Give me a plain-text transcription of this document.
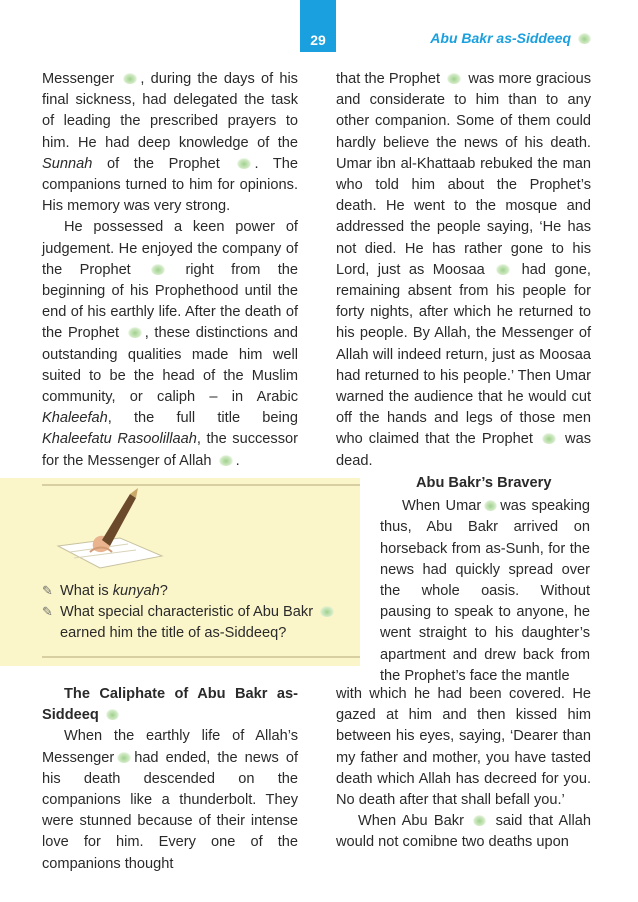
29	Abu Bakr as-Siddeeq

Messenger , during the days of his final sickness, had delegated the task of leading the prescribed prayers to him. He had deep knowledge of the Sunnah of the Prophet . The companions turned to him for opinions. His memory was very strong.

He possessed a keen power of judgement. He enjoyed the company of the Prophet	right from the beginning of his Prophethood until the end of his earthly life. After the death of the Prophet , these distinctions and outstanding qualities made him well suited to be the head of the Muslim community, or caliph – in Arabic Khaleefah, the full title being Khaleefatu Rasoolillaah, the successor for the Messenger of Allah .

✎ What is kunyah?
✎ What special characteristic of Abu Bakr
earned him the title of as-Siddeeq?

The Caliphate of Abu Bakr as-Siddeeq

When the earthly life of Allah’s Messenger had ended, the news of his death descended on the companions like a thunderbolt. They were stunned because of their intense love for him. Every one of the companions thought

that the Prophet was more gracious and considerate to him than to any other companion. Some of them could hardly believe the news of his death. Umar ibn al-Khattaab rebuked the man who told him about the Prophet’s death. He went to the mosque and addressed the people saying, ‘He has not died. He has rather gone to his Lord, just as Moosaa	had gone, remaining absent from his people for forty nights, after which he returned to his people. By Allah, the Messenger of Allah will indeed return, just as Moosaa had returned to his people.’ Then Umar warned the audience that he would cut off the hands and legs of those men who claimed that the Prophet was dead.

Abu Bakr’s Bravery

When Umar was speaking thus, Abu Bakr arrived on horseback from as-Sunh, for the news had quickly spread over the whole oasis. Without pausing to speak to anyone, he went straight to his daughter’s apartment and drew back from the Prophet’s face the mantle

with which he had been covered. He gazed at him and then kissed him between his eyes, saying, ‘Dearer than my father and mother, you have tasted death which Allah has decreed for you. No death after that shall befall you.’

When Abu Bakr said that Allah would not comibne two deaths upon
